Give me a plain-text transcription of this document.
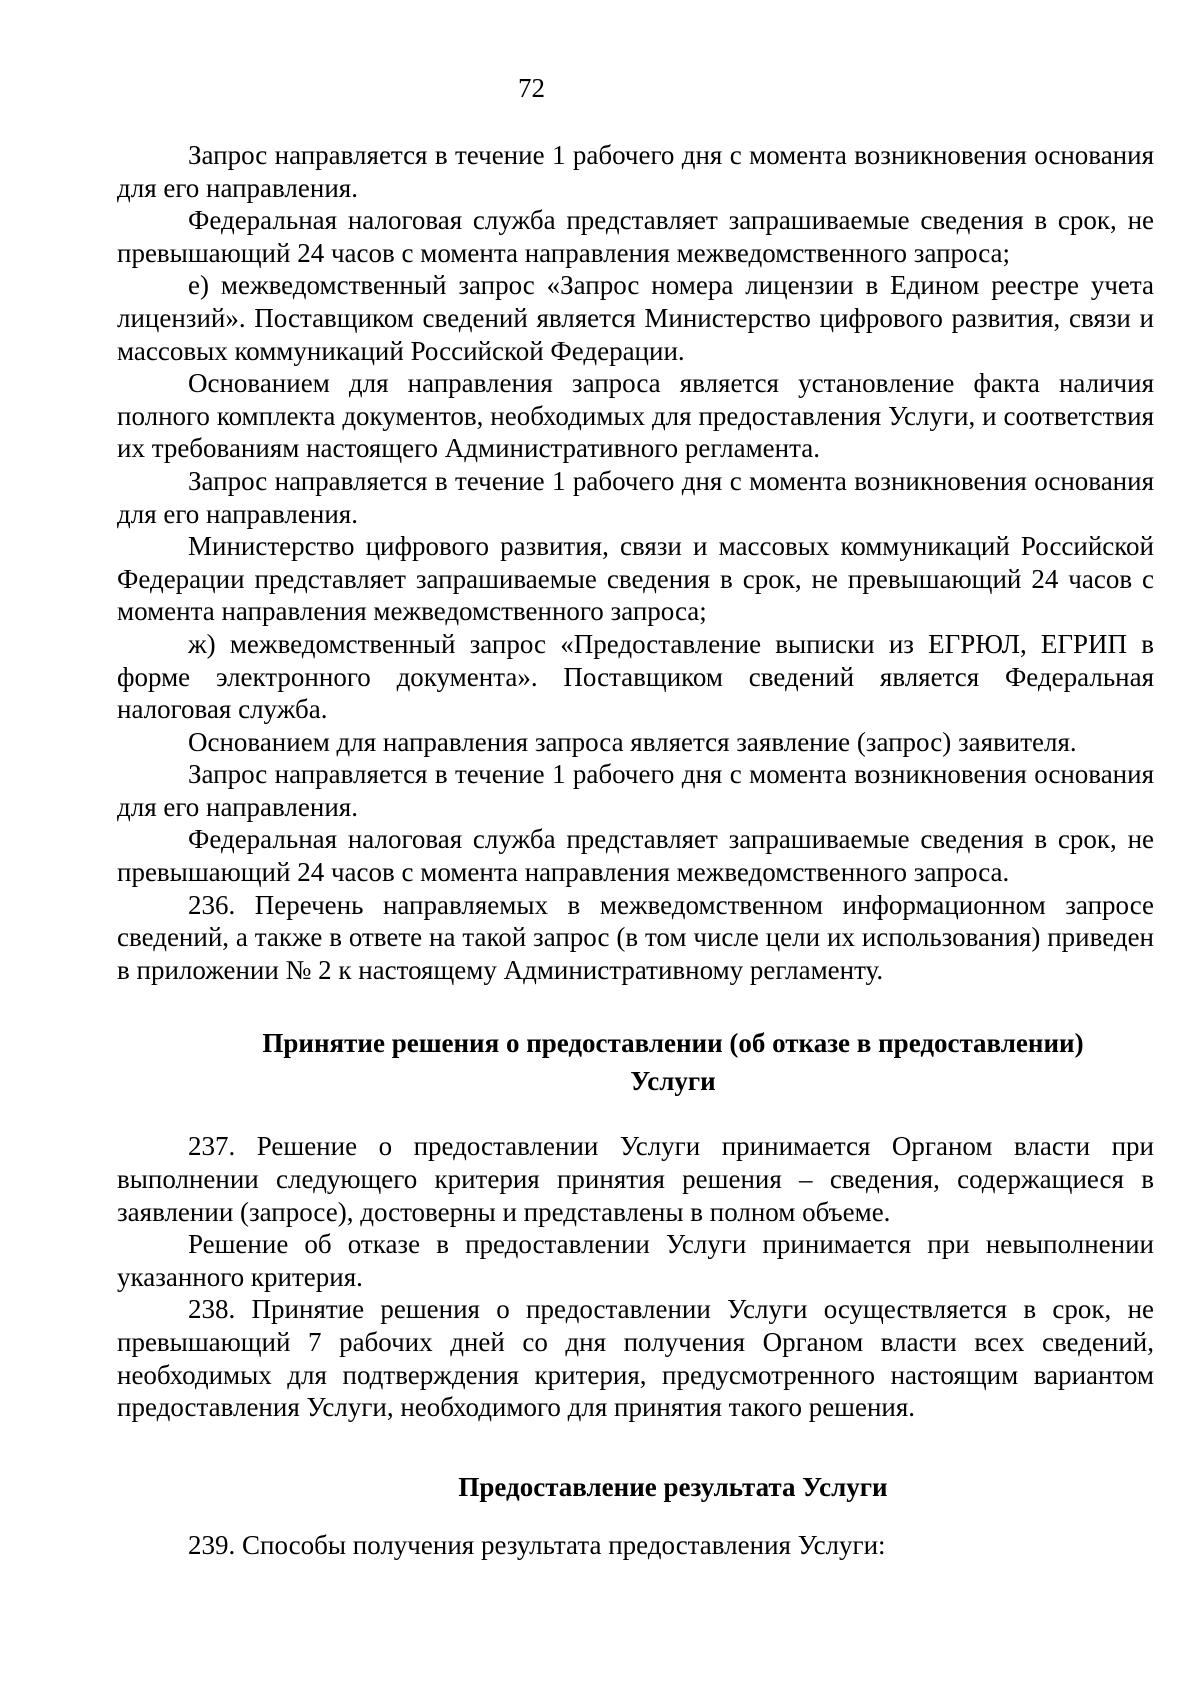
72

Запрос направляется в течение 1 рабочего дня с момента возникновения основания для его направления.

Федеральная налоговая служба представляет запрашиваемые сведения в срок, не превышающий 24 часов с момента направления межведомственного запроса;

е) межведомственный запрос «Запрос номера лицензии в Едином реестре учета лицензий». Поставщиком сведений является Министерство цифрового развития, связи и массовых коммуникаций Российской Федерации.

Основанием для направления запроса является установление факта наличия полного комплекта документов, необходимых для предоставления Услуги, и соответствия их требованиям настоящего Административного регламента.

Запрос направляется в течение 1 рабочего дня с момента возникновения основания для его направления.

Министерство цифрового развития, связи и массовых коммуникаций Российской Федерации представляет запрашиваемые сведения в срок, не превышающий 24 часов с момента направления межведомственного запроса;

ж) межведомственный запрос «Предоставление выписки из ЕГРЮЛ, ЕГРИП в форме электронного документа». Поставщиком сведений является Федеральная налоговая служба.

Основанием для направления запроса является заявление (запрос) заявителя.

Запрос направляется в течение 1 рабочего дня с момента возникновения основания для его направления.

Федеральная налоговая служба представляет запрашиваемые сведения в срок, не превышающий 24 часов с момента направления межведомственного запроса.

236. Перечень направляемых в межведомственном информационном запросе сведений, а также в ответе на такой запрос (в том числе цели их использования) приведен в приложении № 2 к настоящему Административному регламенту.

Принятие решения о предоставлении (об отказе в предоставлении)
Услуги

237. Решение о предоставлении Услуги принимается Органом власти при выполнении следующего критерия принятия решения – сведения, содержащиеся в заявлении (запросе), достоверны и представлены в полном объеме.

Решение об отказе в предоставлении Услуги принимается при невыполнении указанного критерия.

238. Принятие решения о предоставлении Услуги осуществляется в срок, не превышающий 7 рабочих дней со дня получения Органом власти всех сведений, необходимых для подтверждения критерия, предусмотренного настоящим вариантом предоставления Услуги, необходимого для принятия такого решения.

Предоставление результата Услуги

239. Способы получения результата предоставления Услуги:
